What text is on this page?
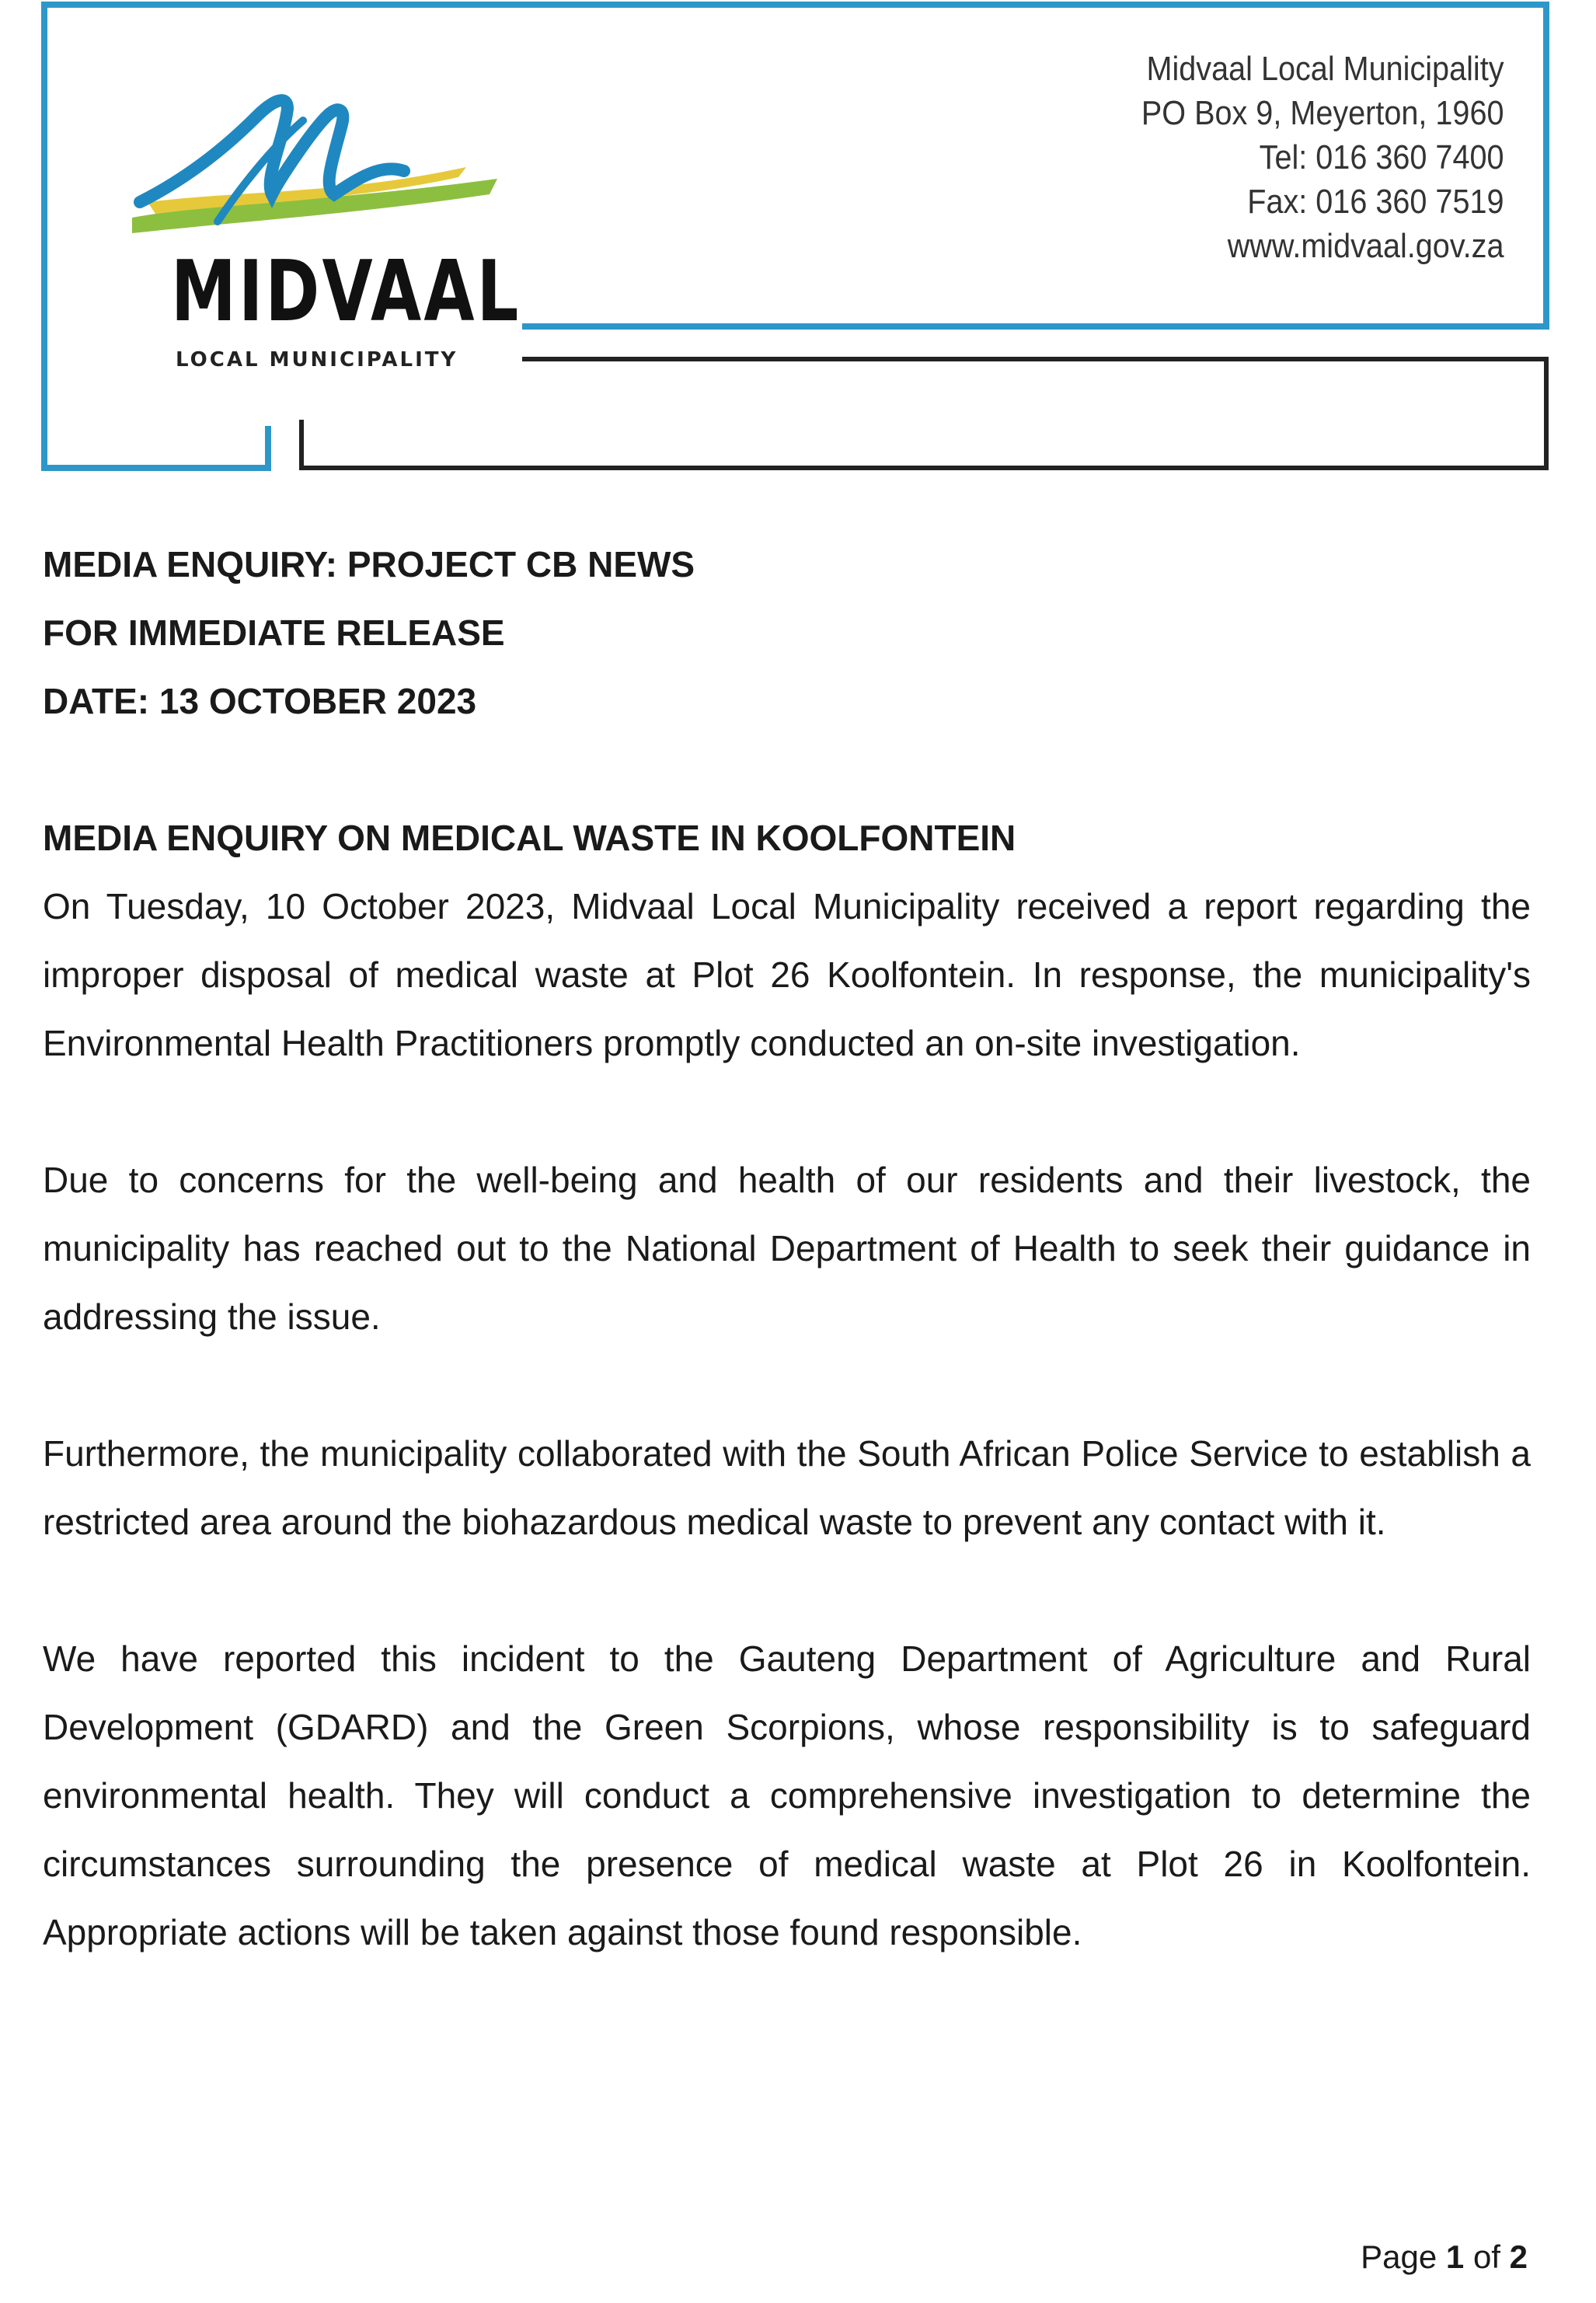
MIDVAAL
LOCAL MUNICIPALITY
Midvaal Local Municipality
PO Box 9, Meyerton, 1960
Tel: 016 360 7400
Fax: 016 360 7519
www.midvaal.gov.za
MEDIA ENQUIRY: PROJECT CB NEWS
FOR IMMEDIATE RELEASE
DATE: 13 OCTOBER 2023
MEDIA ENQUIRY ON MEDICAL WASTE IN KOOLFONTEIN

On Tuesday, 10 October 2023, Midvaal Local Municipality received a report regarding the improper disposal of medical waste at Plot 26 Koolfontein. In response, the municipality's Environmental Health Practitioners promptly conducted an on-site investigation.

Due to concerns for the well-being and health of our residents and their livestock, the municipality has reached out to the National Department of Health to seek their guidance in addressing the issue.

Furthermore, the municipality collaborated with the South African Police Service to establish a restricted area around the biohazardous medical waste to prevent any contact with it.

We have reported this incident to the Gauteng Department of Agriculture and Rural Development (GDARD) and the Green Scorpions, whose responsibility is to safeguard environmental health. They will conduct a comprehensive investigation to determine the circumstances surrounding the presence of medical waste at Plot 26 in Koolfontein. Appropriate actions will be taken against those found responsible.

Page 1 of 2
